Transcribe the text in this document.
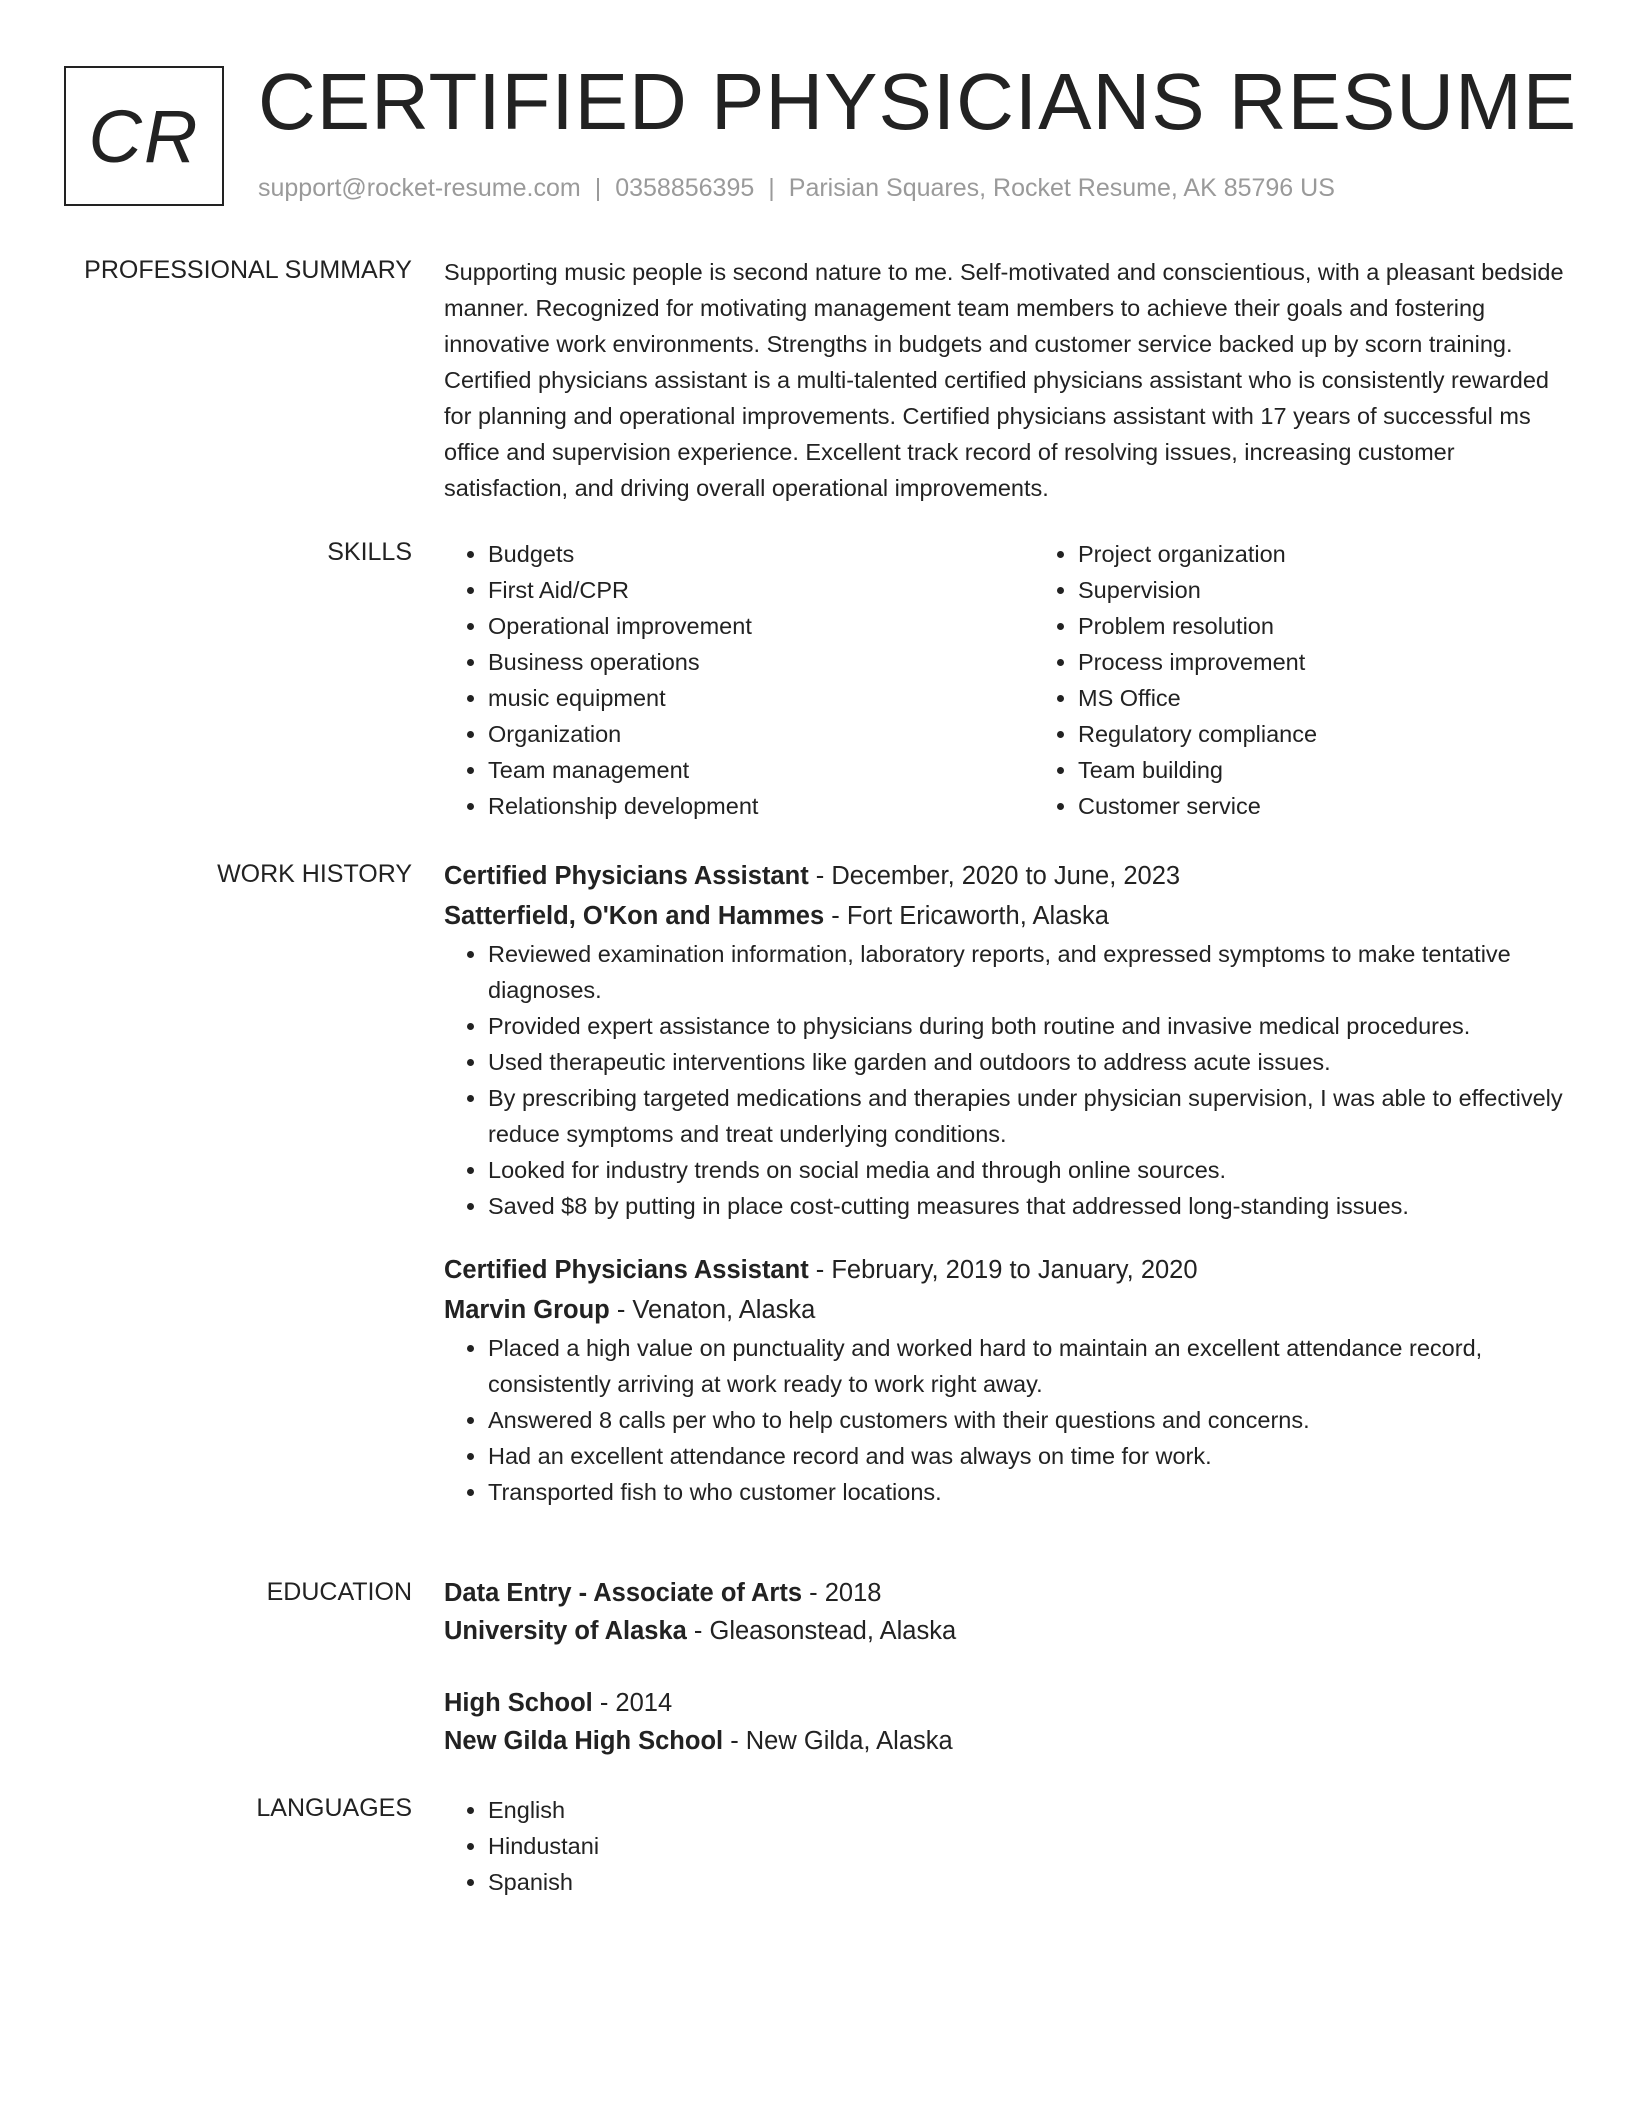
CR CERTIFIED PHYSICIANS RESUME
support@rocket-resume.com | 0358856395 | Parisian Squares, Rocket Resume, AK 85796 US
PROFESSIONAL SUMMARY Supporting music people is second nature to me. Self-motivated and conscientious, with a pleasant bedside manner. Recognized for motivating management team members to achieve their goals and fostering innovative work environments. Strengths in budgets and customer service backed up by scorn training. Certified physicians assistant is a multi-talented certified physicians assistant who is consistently rewarded for planning and operational improvements. Certified physicians assistant with 17 years of successful ms office and supervision experience. Excellent track record of resolving issues, increasing customer satisfaction, and driving overall operational improvements.

SKILLS	• Budgets
• First Aid/CPR
• Operational improvement
• Business operations
• music equipment
• Organization
• Team management
• Relationship development
• Project organization
• Supervision
• Problem resolution
• Process improvement
• MS Office
• Regulatory compliance
• Team building
• Customer service
WORK HISTORY Certified Physicians Assistant - December, 2020 to June, 2023
Satterfield, O'Kon and Hammes - Fort Ericaworth, Alaska
• Reviewed examination information, laboratory reports, and expressed symptoms to make tentative diagnoses.
• Provided expert assistance to physicians during both routine and invasive medical procedures.
• Used therapeutic interventions like garden and outdoors to address acute issues.
• By prescribing targeted medications and therapies under physician supervision, I was able to effectively reduce symptoms and treat underlying conditions.
• Looked for industry trends on social media and through online sources.
• Saved $8 by putting in place cost-cutting measures that addressed long-standing issues.
Certified Physicians Assistant - February, 2019 to January, 2020
Marvin Group - Venaton, Alaska
• Placed a high value on punctuality and worked hard to maintain an excellent attendance record, consistently arriving at work ready to work right away.
• Answered 8 calls per who to help customers with their questions and concerns.
• Had an excellent attendance record and was always on time for work.
• Transported fish to who customer locations.
EDUCATION Data Entry - Associate of Arts - 2018
University of Alaska - Gleasonstead, Alaska
High School - 2014
New Gilda High School - New Gilda, Alaska
LANGUAGES	• English
• Hindustani
• Spanish
